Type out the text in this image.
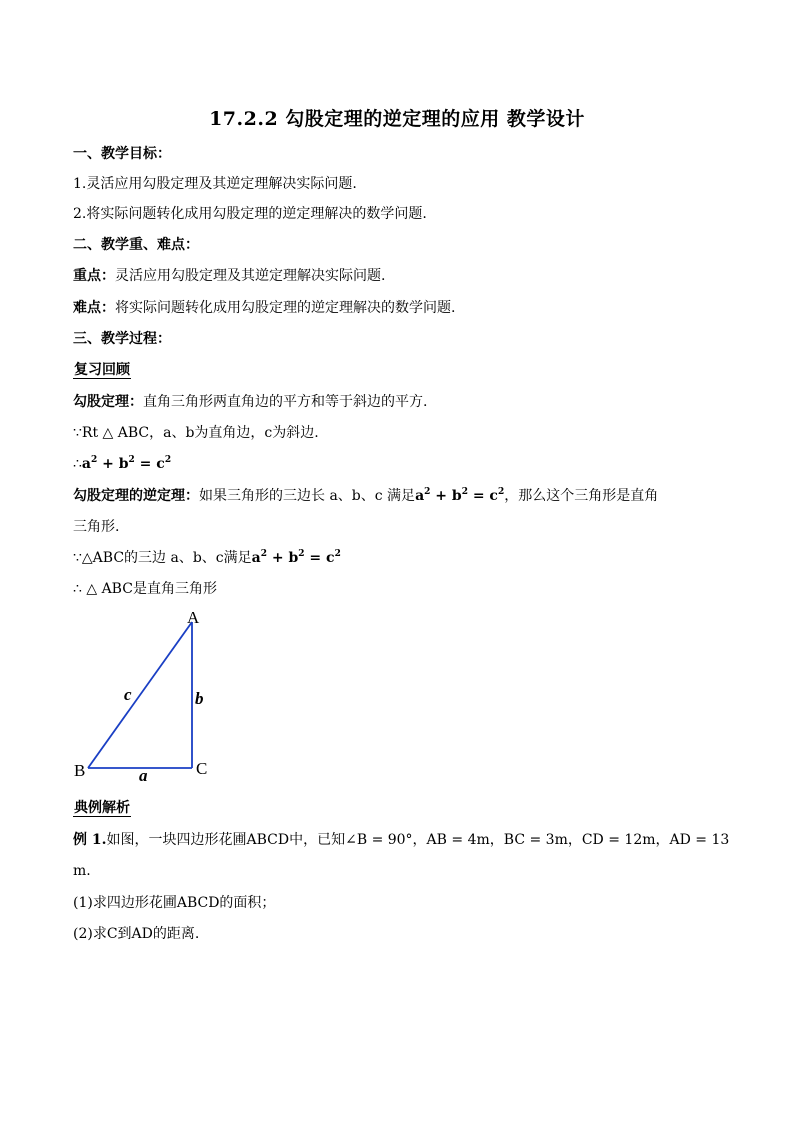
17.2.2 勾股定理的逆定理的应用 教学设计
一、教学目标：
1.灵活应用勾股定理及其逆定理解决实际问题.
2.将实际问题转化成用勾股定理的逆定理解决的数学问题.
二、教学重、难点：
重点：灵活应用勾股定理及其逆定理解决实际问题.
难点：将实际问题转化成用勾股定理的逆定理解决的数学问题.
三、教学过程：
复习回顾
勾股定理：直角三角形两直角边的平方和等于斜边的平方.
∵Rt △ ABC，a、b为直角边，c为斜边.
$\therefore a^2 + b^2 = c^2$
勾股定理的逆定理：如果三角形的三边长 a、b、c 满足$a^2 + b^2 = c^2$，那么这个三角形是直角
三角形.
∵△ABC的三边 a、b、c满足$a^2 + b^2 = c^2$
∴ △ ABC是直角三角形
A
B	C
a
b
c
典例解析
例 1.如图，一块四边形花圃ABCD中，已知∠B = 90°，AB = 4m，BC = 3m，CD = 12m，AD = 13
m.
(1)求四边形花圃ABCD的面积；
(2)求C到AD的距离.
